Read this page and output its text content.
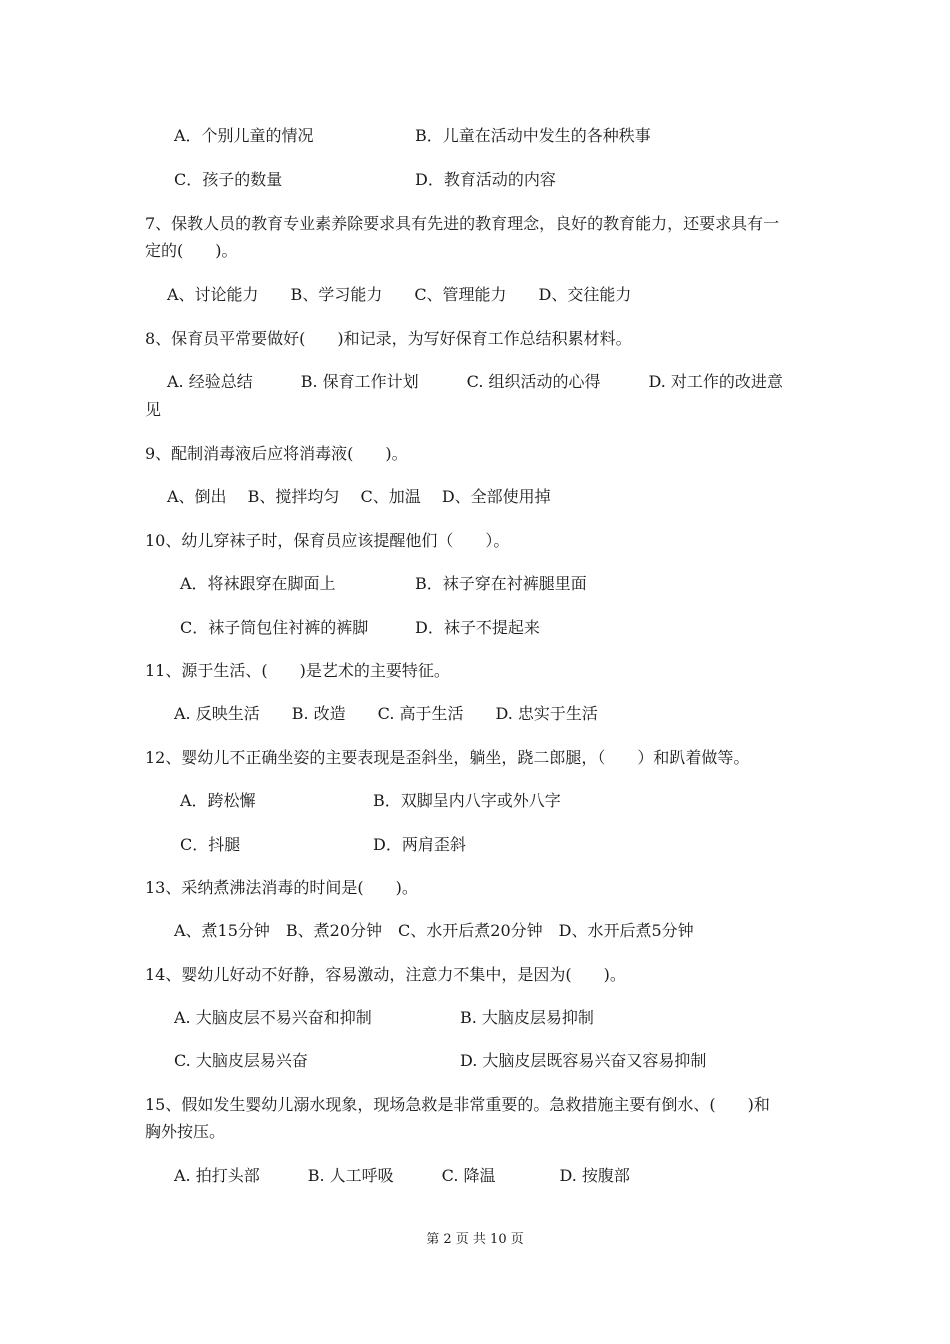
A．个别儿童的情况	B．儿童在活动中发生的各种秩事
C．孩子的数量	D．教育活动的内容
7、保教人员的教育专业素养除要求具有先进的教育理念，良好的教育能力，还要求具有一
定的(　　)。
A、讨论能力　　B、学习能力　　C、管理能力　　D、交往能力
8、保育员平常要做好(　　)和记录，为写好保育工作总结积累材料。
A. 经验总结　　　B. 保育工作计划　　　C. 组织活动的心得　　　D. 对工作的改进意
见
9、配制消毒液后应将消毒液(　　)。
A、倒出　 B、搅拌均匀　 C、加温　 D、全部使用掉
10、幼儿穿袜子时，保育员应该提醒他们（　　）。
A．将袜跟穿在脚面上	B．袜子穿在衬裤腿里面
C．袜子筒包住衬裤的裤脚	D．袜子不提起来
11、源于生活、(　　)是艺术的主要特征。
A. 反映生活　　B. 改造　　C. 高于生活　　D. 忠实于生活
12、婴幼儿不正确坐姿的主要表现是歪斜坐，躺坐，跷二郎腿，（　　）和趴着做等。
A．跨松懈	B．双脚呈内八字或外八字
C．抖腿	D．两肩歪斜
13、采纳煮沸法消毒的时间是(　　)。
A、煮15分钟　B、煮20分钟　C、水开后煮20分钟　D、水开后煮5分钟
14、婴幼儿好动不好静，容易激动，注意力不集中，是因为(　　)。
A. 大脑皮层不易兴奋和抑制	B. 大脑皮层易抑制
C. 大脑皮层易兴奋	D. 大脑皮层既容易兴奋又容易抑制
15、假如发生婴幼儿溺水现象，现场急救是非常重要的。急救措施主要有倒水、(　　)和
胸外按压。
A. 拍打头部　　　B. 人工呼吸　　　C. 降温　　　　D. 按腹部
第 2 页 共 10 页
